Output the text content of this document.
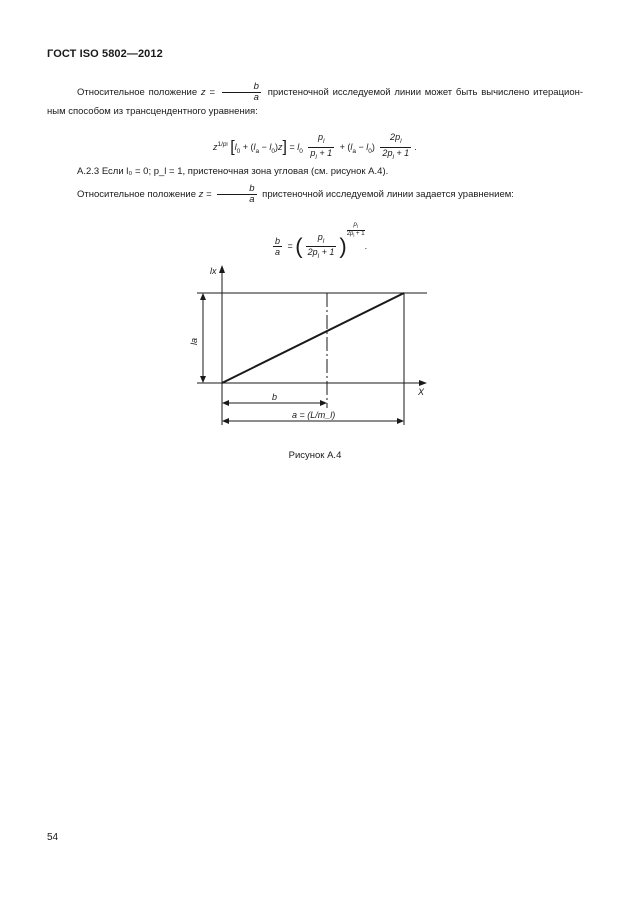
ГОСТ ISO 5802—2012
Относительное положение $z = \frac{b}{a}$ пристеночной исследуемой линии может быть вычислено итерацион-ным способом из трансцендентного уравнения:
$z^{1/pl}$ $[l_0 + (l_a - l_0)z] = l_0 \frac{p_l}{p_l + 1} + (l_a - l_0) \frac{2p_l}{2p_l + 1}$ .
А.2.3 Если l₀ = 0; p_l = 1, пристеночная зона угловая (см. рисунок А.4).
Относительное положение $z = \frac{b}{a}$ пристеночной исследуемой линии задается уравнением:
$\frac{b}{a}$ = ( $\frac{p_l}{2p_l + 1}$ )
$\frac{p_l}{2p_l + 1}$
.
lx
X
la
b
a = (L/m_l)
Рисунок А.4
54
